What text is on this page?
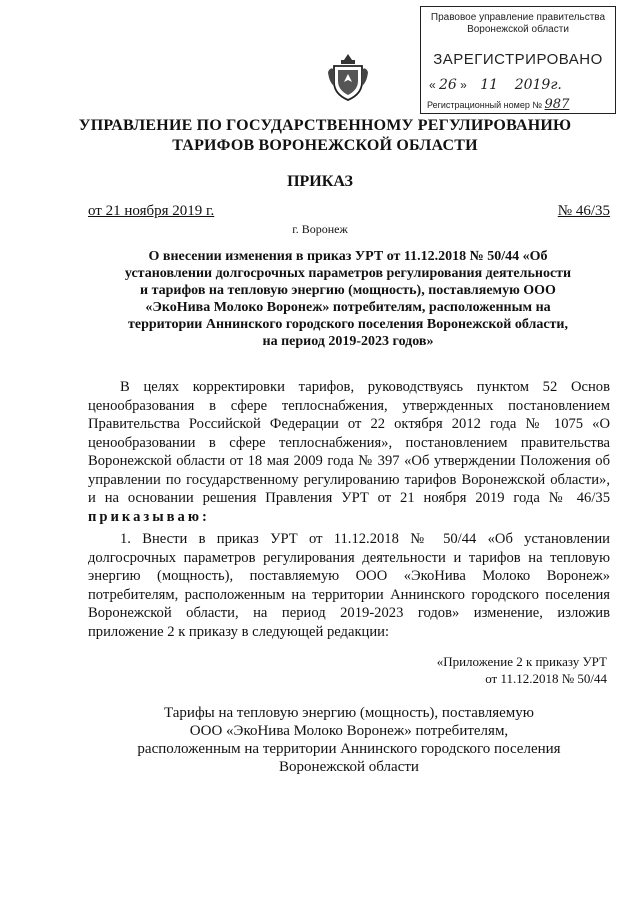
Правовое управление правительства
Воронежской области
ЗАРЕГИСТРИРОВАНО
« 26 »    11 2019г.
Регистрационный номер № 987
УПРАВЛЕНИЕ ПО ГОСУДАРСТВЕННОМУ РЕГУЛИРОВАНИЮ
ТАРИФОВ ВОРОНЕЖСКОЙ ОБЛАСТИ
ПРИКАЗ
от 21 ноября 2019 г.	№ 46/35
г. Воронеж
О внесении изменения в приказ УРТ от 11.12.2018 № 50/44 «Об
установлении долгосрочных параметров регулирования деятельности
и тарифов на тепловую энергию (мощность), поставляемую ООО
«ЭкоНива Молоко Воронеж» потребителям, расположенным на
территории Аннинского городского поселения Воронежской области,
на период 2019-2023 годов»
В целях корректировки тарифов, руководствуясь пунктом 52 Основ ценообразования в сфере теплоснабжения, утвержденных постановлением Правительства Российской Федерации от 22 октября 2012 года № 1075 «О ценообразовании в сфере теплоснабжения», постановлением правительства Воронежской области от 18 мая 2009 года № 397 «Об утверждении Положения об управлении по государственному регулированию тарифов Воронежской области», и на основании решения Правления УРТ от 21 ноября 2019 года № 46/35 приказываю:
1. Внести в приказ УРТ от 11.12.2018 № 50/44 «Об установлении долгосрочных параметров регулирования деятельности и тарифов на тепловую энергию (мощность), поставляемую ООО «ЭкоНива Молоко Воронеж» потребителям, расположенным на территории Аннинского городского поселения Воронежской области, на период 2019-2023 годов» изменение, изложив приложение 2 к приказу в следующей редакции:
«Приложение 2 к приказу УРТ
от 11.12.2018 № 50/44
Тарифы на тепловую энергию (мощность), поставляемую
ООО «ЭкоНива Молоко Воронеж» потребителям,
расположенным на территории Аннинского городского поселения
Воронежской области
